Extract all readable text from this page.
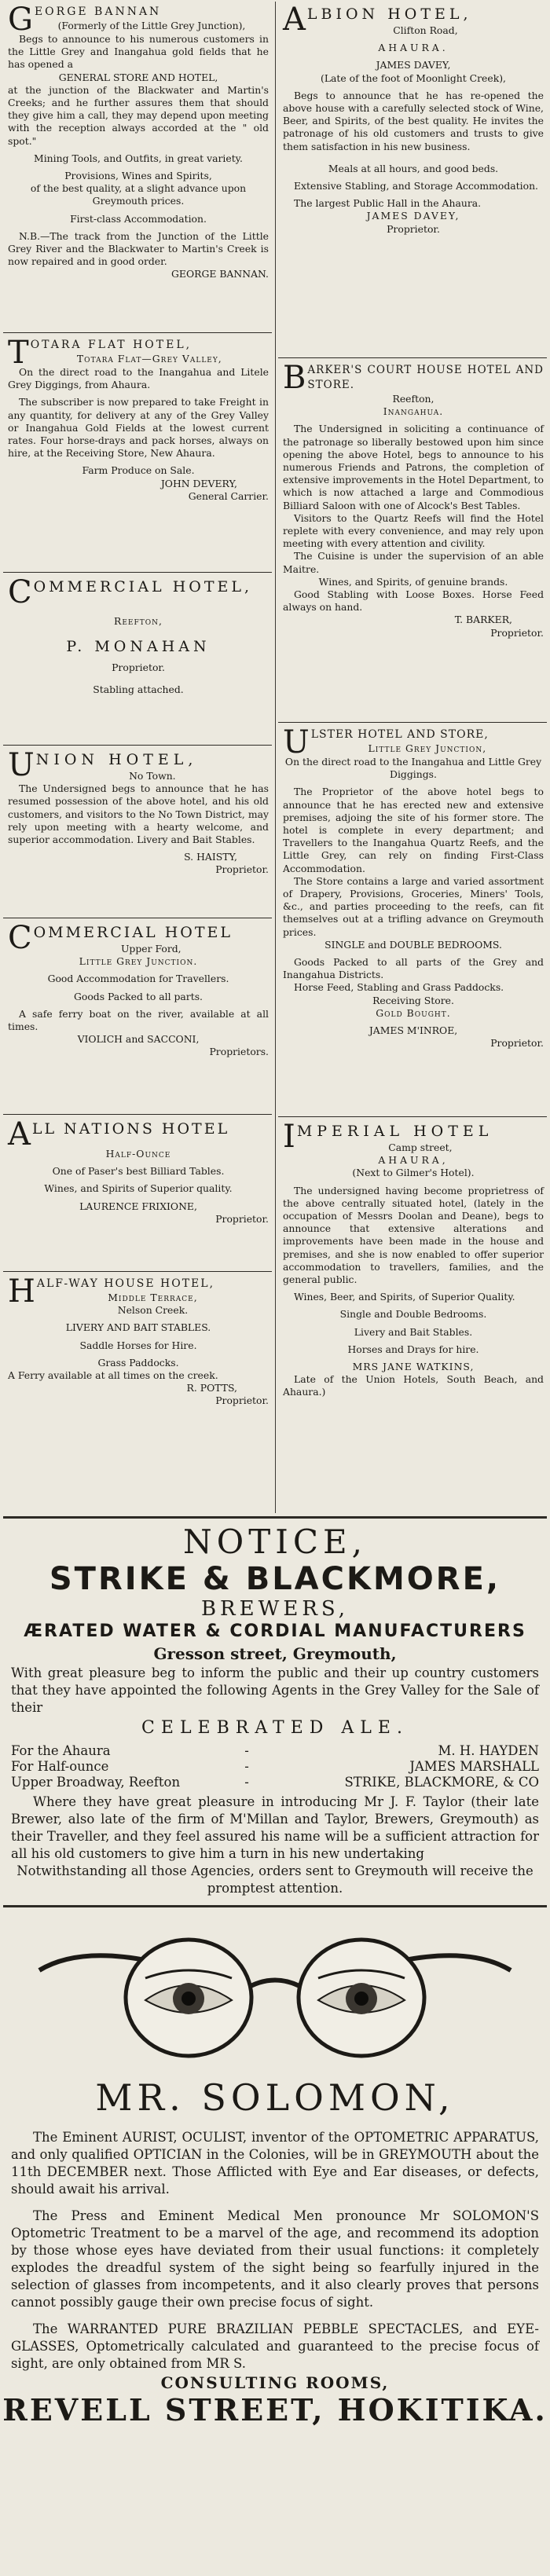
GEORGE BANNAN

(Formerly of the Little Grey Junction),

Begs to announce to his numerous customers in the Little Grey and Inangahua gold fields that he has opened a

GENERAL STORE AND HOTEL,

at the junction of the Blackwater and Martin's Creeks; and he further assures them that should they give him a call, they may depend upon meeting with the reception always accorded at the " old spot."

Mining Tools, and Outfits, in great variety.

Provisions, Wines and Spirits,

of the best quality, at a slight advance upon Greymouth prices.

First-class Accommodation.

N.B.—The track from the Junction of the Little Grey River and the Blackwater to Martin's Creek is now repaired and in good order.

GEORGE BANNAN.

TOTARA FLAT HOTEL,

Totara Flat—Grey Valley,

On the direct road to the Inangahua and Litele Grey Diggings, from Ahaura.

The subscriber is now prepared to take Freight in any quantity, for delivery at any of the Grey Valley or Inangahua Gold Fields at the lowest current rates. Four horse-drays and pack horses, always on hire, at the Receiving Store, New Ahaura.

Farm Produce on Sale.

JOHN DEVERY,

General Carrier.

COMMERCIAL HOTEL,

Reefton,

P. MONAHAN

Proprietor.

Stabling attached.

UNION HOTEL,

No Town.

The Undersigned begs to announce that he has resumed possession of the above hotel, and his old customers, and visitors to the No Town District, may rely upon meeting with a hearty welcome, and superior accommodation. Livery and Bait Stables.

S. HAISTY,

Proprietor.

COMMERCIAL HOTEL

Upper Ford,

Little Grey Junction.

Good Accommodation for Travellers.

Goods Packed to all parts.

A safe ferry boat on the river, available at all times.

VIOLICH and SACCONI,

Proprietors.

ALL NATIONS HOTEL

Half-Ounce

One of Paser's best Billiard Tables.

Wines, and Spirits of Superior quality.

LAURENCE FRIXIONE,

Proprietor.

HALF-WAY HOUSE HOTEL,

Middle Terrace,

Nelson Creek.

LIVERY AND BAIT STABLES.

Saddle Horses for Hire.

Grass Paddocks.

A Ferry available at all times on the creek.

R. POTTS,

Proprietor.

ALBION HOTEL,

Clifton Road,

AHAURA.

JAMES DAVEY,

(Late of the foot of Moonlight Creek),

Begs to announce that he has re-opened the above house with a carefully selected stock of Wine, Beer, and Spirits, of the best quality. He invites the patronage of his old customers and trusts to give them satisfaction in his new business.

Meals at all hours, and good beds.

Extensive Stabling, and Storage Accommodation.

The largest Public Hall in the Ahaura.

JAMES DAVEY,

Proprietor.

BARKER'S COURT HOUSE HOTEL AND STORE.

Reefton,

Inangahua.

The Undersigned in soliciting a continuance of the patronage so liberally bestowed upon him since opening the above Hotel, begs to announce to his numerous Friends and Patrons, the completion of extensive improvements in the Hotel Department, to which is now attached a large and Commodious Billiard Saloon with one of Alcock's Best Tables.

Visitors to the Quartz Reefs will find the Hotel replete with every convenience, and may rely upon meeting with every attention and civility.

The Cuisine is under the supervision of an able Maitre.

Wines, and Spirits, of genuine brands.

Good Stabling with Loose Boxes. Horse Feed always on hand.

T. BARKER,

Proprietor.

ULSTER HOTEL AND STORE,

Little Grey Junction,

On the direct road to the Inangahua and Little Grey Diggings.

The Proprietor of the above hotel begs to announce that he has erected new and extensive premises, adjoing the site of his former store. The hotel is complete in every department; and Travellers to the Inangahua Quartz Reefs, and the Little Grey, can rely on finding First-Class Accommodation.

The Store contains a large and varied assortment of Drapery, Provisions, Groceries, Miners' Tools, &c., and parties proceeding to the reefs, can fit themselves out at a trifling advance on Greymouth prices.

SINGLE and DOUBLE BEDROOMS.

Goods Packed to all parts of the Grey and Inangahua Districts.

Horse Feed, Stabling and Grass Paddocks.

Receiving Store.

Gold Bought.

JAMES M'INROE,

Proprietor.

IMPERIAL HOTEL

Camp street,

AHAURA,

(Next to Gilmer's Hotel).

The undersigned having become proprietress of the above centrally situated hotel, (lately in the occupation of Messrs Doolan and Deane), begs to announce that extensive alterations and improvements have been made in the house and premises, and she is now enabled to offer superior accommodation to travellers, families, and the general public.

Wines, Beer, and Spirits, of Superior Quality.

Single and Double Bedrooms.

Livery and Bait Stables.

Horses and Drays for hire.

MRS JANE WATKINS,

Late of the Union Hotels, South Beach, and Ahaura.)

NOTICE,
STRIKE & BLACKMORE,
BREWERS,
ÆRATED WATER & CORDIAL MANUFACTURERS
Gresson street, Greymouth,

With great pleasure beg to inform the public and their up country customers that they have appointed the following Agents in the Grey Valley for the Sale of their

CELEBRATED ALE.
For the Ahaura	-	M. H. HAYDEN
For Half-ounce	-	JAMES MARSHALL
Upper Broadway, Reefton	-	STRIKE, BLACKMORE, & CO

Where they have great pleasure in introducing Mr J. F. Taylor (their late Brewer, also late of the firm of M'Millan and Taylor, Brewers, Greymouth) as their Traveller, and they feel assured his name will be a sufficient attraction for all his old customers to give him a turn in his new undertaking

Notwithstanding all those Agencies, orders sent to Greymouth will receive the promptest attention.

MR. SOLOMON,

The Eminent AURIST, OCULIST, inventor of the OPTOMETRIC APPARATUS, and only qualified OPTICIAN in the Colonies, will be in GREYMOUTH about the 11th DECEMBER next. Those Afflicted with Eye and Ear diseases, or defects, should await his arrival.

The Press and Eminent Medical Men pronounce Mr SOLOMON'S Optometric Treatment to be a marvel of the age, and recommend its adoption by those whose eyes have deviated from their usual functions: it completely explodes the dreadful system of the sight being so fearfully injured in the selection of glasses from incompetents, and it also clearly proves that persons cannot possibly gauge their own precise focus of sight.

The WARRANTED PURE BRAZILIAN PEBBLE SPECTACLES, and EYE-GLASSES, Optometrically calculated and guaranteed to the precise focus of sight, are only obtained from MR S.

CONSULTING ROOMS,
REVELL STREET, HOKITIKA.
